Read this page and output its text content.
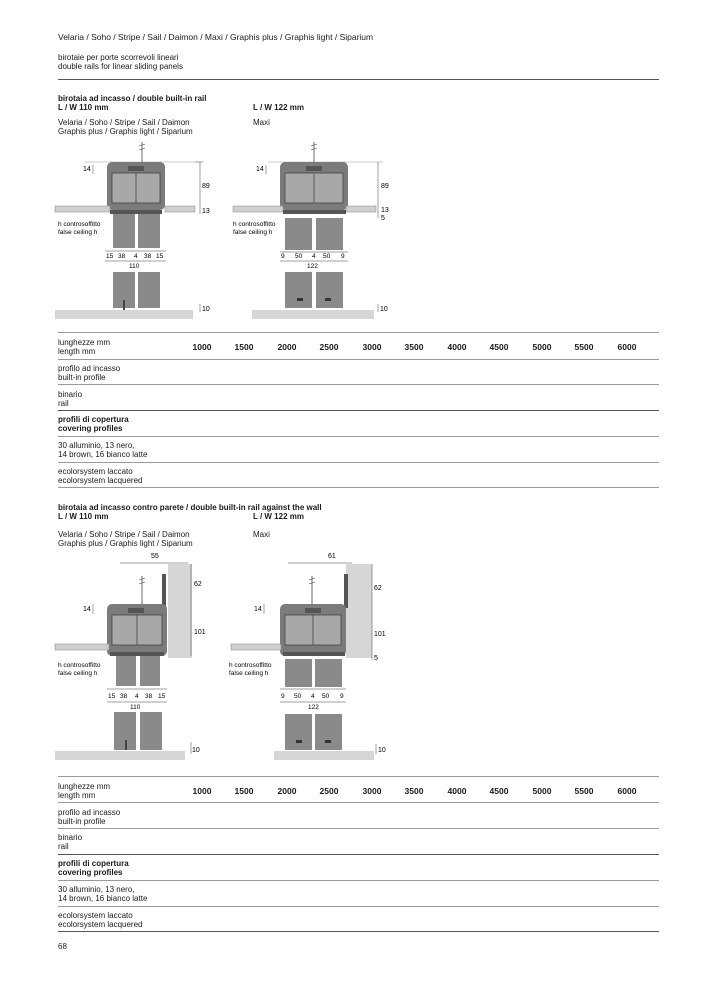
Velaria / Soho / Stripe / Sail / Daimon / Maxi / Graphis plus / Graphis light / Siparium
birotaie per porte scorrevoli lineari
double rails for linear sliding panels
birotaia ad incasso / double built-in rail
L / W 110 mm	L / W 122 mm
Velaria / Soho / Stripe / Sail / Daimon
Graphis plus / Graphis light / Siparium
Maxi
14
89
13
h controsoffitto
false ceiling h
15 38 4 38 15
110
10
14
89
13
5
h controsoffitto
false ceiling h
9 50 4 50 9
122
10
lunghezze mm
length mm	1000	1500	2000	2500	3000	3500	4000	4500	5000	5500	6000
profilo ad incasso
built-in profile
binario
rail
profili di copertura
covering profiles
30 alluminio, 13 nero,
14 brown, 16 bianco latte
ecolorsystem laccato
ecolorsystem lacquered
birotaia ad incasso contro parete / double built-in rail against the wall
L / W 110 mm	L / W 122 mm
Velaria / Soho / Stripe / Sail / Daimon
Graphis plus / Graphis light / Siparium
Maxi
55
62
101
14
h controsoffitto
false ceiling h
15 38 4 38 15
110
10
61
62
101
5
14
h controsoffitto
false ceiling h
9 50 4 50 9
122
10
lunghezze mm
length mm	1000	1500	2000	2500	3000	3500	4000	4500	5000	5500	6000
profilo ad incasso
built-in profile
binario
rail
profili di copertura
covering profiles
30 alluminio, 13 nero,
14 brown, 16 bianco latte
ecolorsystem laccato
ecolorsystem lacquered
68
